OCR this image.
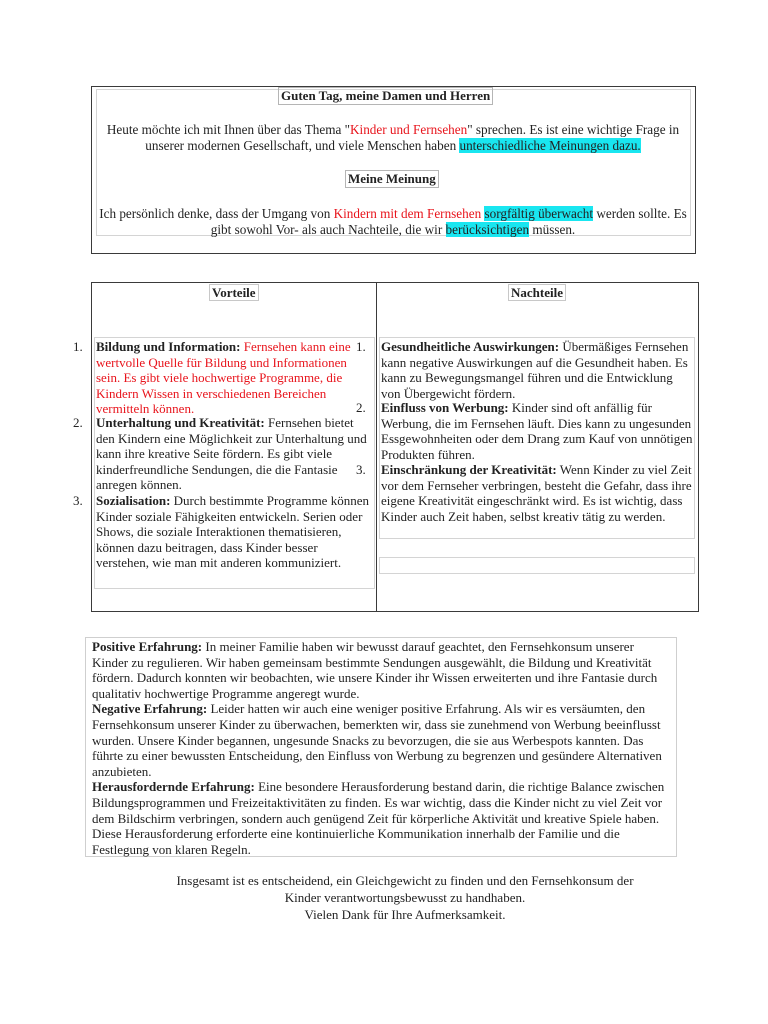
Guten Tag, meine Damen und Herren
Heute möchte ich mit Ihnen über das Thema "Kinder und Fernsehen" sprechen. Es ist eine wichtige Frage in unserer modernen Gesellschaft, und viele Menschen haben unterschiedliche Meinungen dazu.
Meine Meinung
Ich persönlich denke, dass der Umgang von Kindern mit dem Fernsehen sorgfältig überwacht werden sollte. Es gibt sowohl Vor- als auch Nachteile, die wir berücksichtigen müssen.
Vorteile	Nachteile
1. Bildung und Information: Fernsehen kann eine wertvolle Quelle für Bildung und Informationen sein. Es gibt viele hochwertige Programme, die Kindern Wissen in verschiedenen Bereichen vermitteln können.
2. Unterhaltung und Kreativität: Fernsehen bietet den Kindern eine Möglichkeit zur Unterhaltung und kann ihre kreative Seite fördern. Es gibt viele kinderfreundliche Sendungen, die die Fantasie anregen können.
3. Sozialisation: Durch bestimmte Programme können Kinder soziale Fähigkeiten entwickeln. Serien oder Shows, die soziale Interaktionen thematisieren, können dazu beitragen, dass Kinder besser verstehen, wie man mit anderen kommuniziert.
1. Gesundheitliche Auswirkungen: Übermäßiges Fernsehen kann negative Auswirkungen auf die Gesundheit haben. Es kann zu Bewegungsmangel führen und die Entwicklung von Übergewicht fördern.
2. Einfluss von Werbung: Kinder sind oft anfällig für Werbung, die im Fernsehen läuft. Dies kann zu ungesunden Essgewohnheiten oder dem Drang zum Kauf von unnötigen Produkten führen.
3. Einschränkung der Kreativität: Wenn Kinder zu viel Zeit vor dem Fernseher verbringen, besteht die Gefahr, dass ihre eigene Kreativität eingeschränkt wird. Es ist wichtig, dass Kinder auch Zeit haben, selbst kreativ tätig zu werden.
Positive Erfahrung: In meiner Familie haben wir bewusst darauf geachtet, den Fernsehkonsum unserer Kinder zu regulieren. Wir haben gemeinsam bestimmte Sendungen ausgewählt, die Bildung und Kreativität fördern. Dadurch konnten wir beobachten, wie unsere Kinder ihr Wissen erweiterten und ihre Fantasie durch qualitativ hochwertige Programme angeregt wurde.
Negative Erfahrung: Leider hatten wir auch eine weniger positive Erfahrung. Als wir es versäumten, den Fernsehkonsum unserer Kinder zu überwachen, bemerkten wir, dass sie zunehmend von Werbung beeinflusst wurden. Unsere Kinder begannen, ungesunde Snacks zu bevorzugen, die sie aus Werbespots kannten. Das führte zu einer bewussten Entscheidung, den Einfluss von Werbung zu begrenzen und gesündere Alternativen anzubieten.
Herausfordernde Erfahrung: Eine besondere Herausforderung bestand darin, die richtige Balance zwischen Bildungsprogrammen und Freizeitaktivitäten zu finden. Es war wichtig, dass die Kinder nicht zu viel Zeit vor dem Bildschirm verbringen, sondern auch genügend Zeit für körperliche Aktivität und kreative Spiele haben. Diese Herausforderung erforderte eine kontinuierliche Kommunikation innerhalb der Familie und die Festlegung von klaren Regeln.
Insgesamt ist es entscheidend, ein Gleichgewicht zu finden und den Fernsehkonsum der
Kinder verantwortungsbewusst zu handhaben.
Vielen Dank für Ihre Aufmerksamkeit.
